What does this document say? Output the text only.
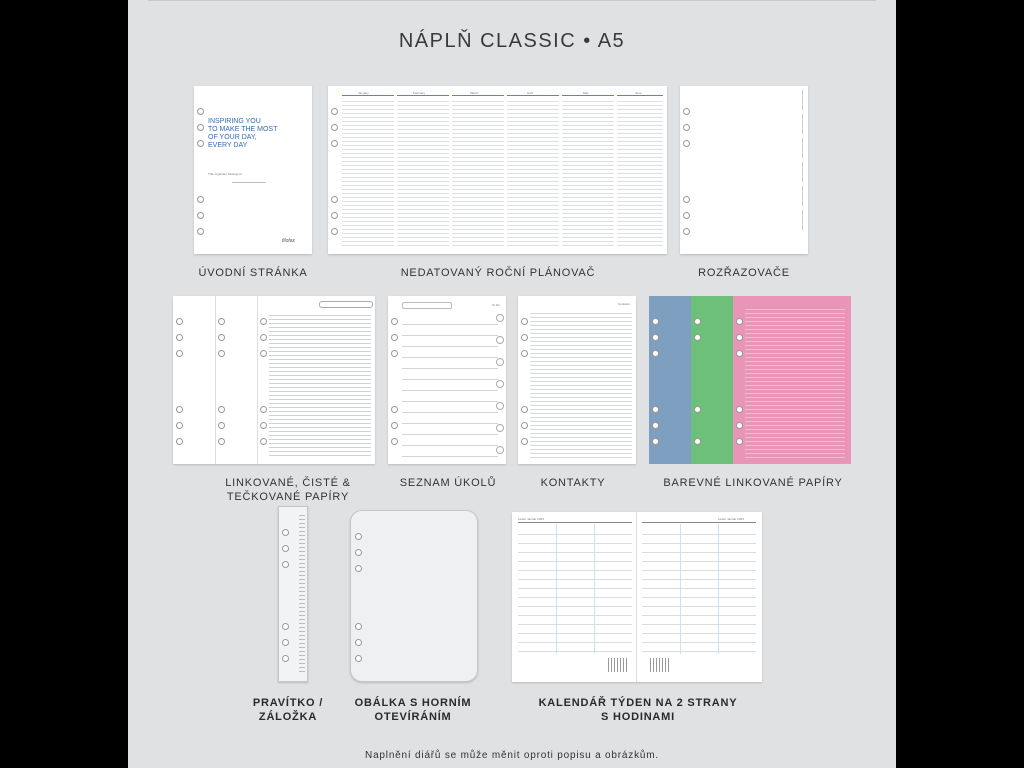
NÁPLŇ CLASSIC • A5
INSPIRING YOU
TO MAKE THE MOST
OF YOUR DAY,
EVERY DAY
This organiser belongs to:
filofax
January	February	March	April	May	June
ÚVODNÍ STRÁNKA	NEDATOVANÝ ROČNÍ PLÁNOVAČ	ROZŘAZOVAČE
To Do	Contacts
LINKOVANÉ, ČISTÉ &
TEČKOVANÉ PAPÍRY
SEZNAM ÚKOLŮ	KONTAKTY	BAREVNÉ LINKOVANÉ PAPÍRY
Leden Január 2025	Leden Január 2025
PRAVÍTKO /
ZÁLOŽKA
OBÁLKA S HORNÍM
OTEVÍRÁNÍM
KALENDÁŘ TÝDEN NA 2 STRANY
S HODINAMI
Naplnění diářů se může měnit oproti popisu a obrázkům.
